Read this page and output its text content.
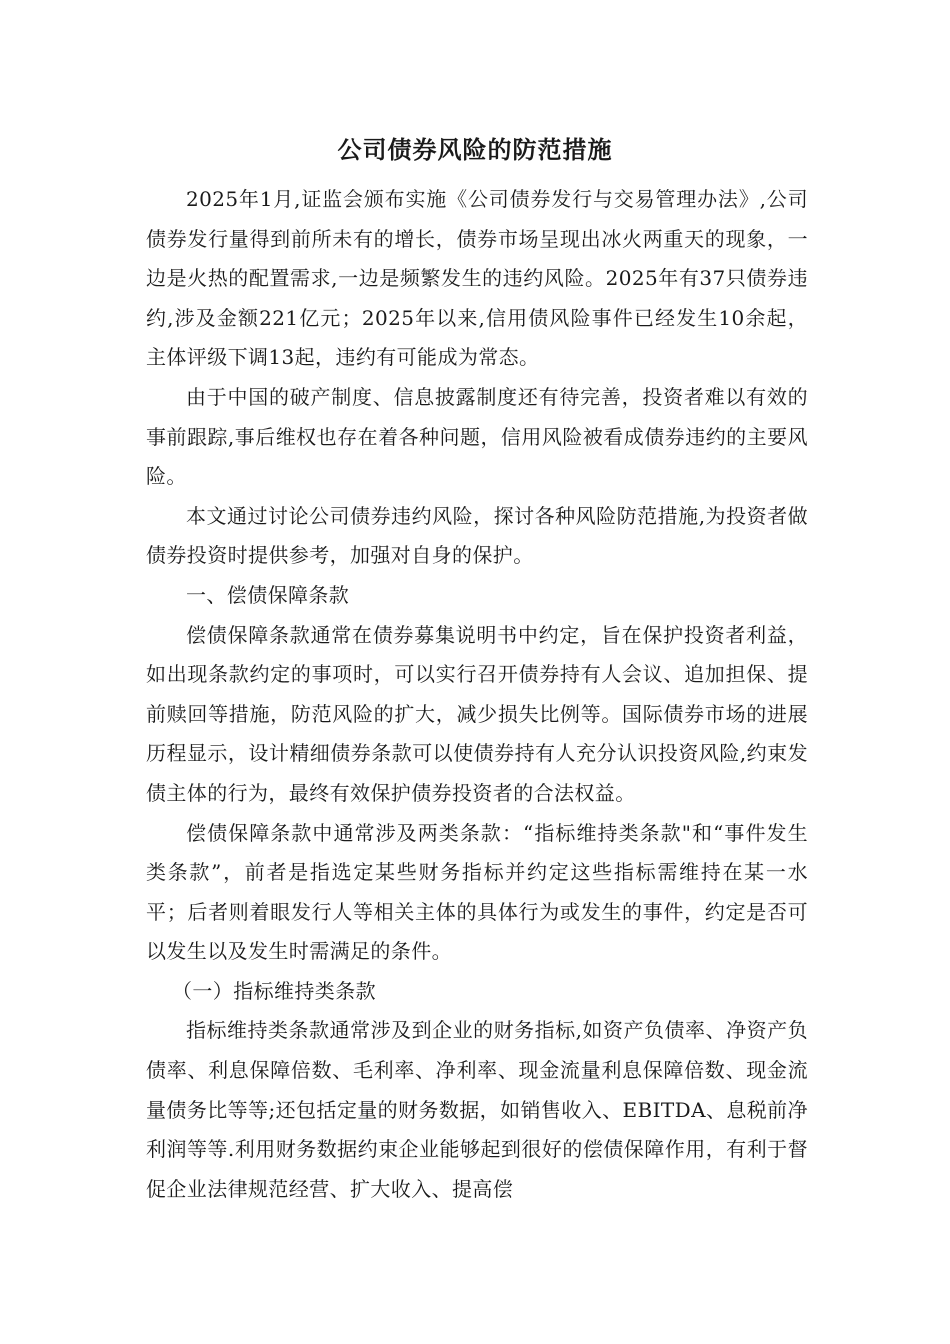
公司债券风险的防范措施

2025年1月,证监会颁布实施《公司债券发行与交易管理办法》,公司债券发行量得到前所未有的增长，债券市场呈现出冰火两重天的现象，一边是火热的配置需求,一边是频繁发生的违约风险。2025年有37只债券违约,涉及金额221亿元；2025年以来,信用债风险事件已经发生10余起，主体评级下调13起，违约有可能成为常态。

由于中国的破产制度、信息披露制度还有待完善，投资者难以有效的事前跟踪,事后维权也存在着各种问题，信用风险被看成债券违约的主要风险。

本文通过讨论公司债券违约风险，探讨各种风险防范措施,为投资者做债券投资时提供参考，加强对自身的保护。

一、偿债保障条款

偿债保障条款通常在债券募集说明书中约定，旨在保护投资者利益，如出现条款约定的事项时，可以实行召开债券持有人会议、追加担保、提前赎回等措施，防范风险的扩大，减少损失比例等。国际债券市场的进展历程显示，设计精细债券条款可以使债券持有人充分认识投资风险,约束发债主体的行为，最终有效保护债券投资者的合法权益。

偿债保障条款中通常涉及两类条款：“指标维持类条款"和“事件发生类条款”，前者是指选定某些财务指标并约定这些指标需维持在某一水平；后者则着眼发行人等相关主体的具体行为或发生的事件，约定是否可以发生以及发生时需满足的条件。

（一）指标维持类条款

指标维持类条款通常涉及到企业的财务指标,如资产负债率、净资产负债率、利息保障倍数、毛利率、净利率、现金流量利息保障倍数、现金流量债务比等等;还包括定量的财务数据，如销售收入、EBITDA、息税前净利润等等.利用财务数据约束企业能够起到很好的偿债保障作用，有利于督促企业法律规范经营、扩大收入、提高偿
